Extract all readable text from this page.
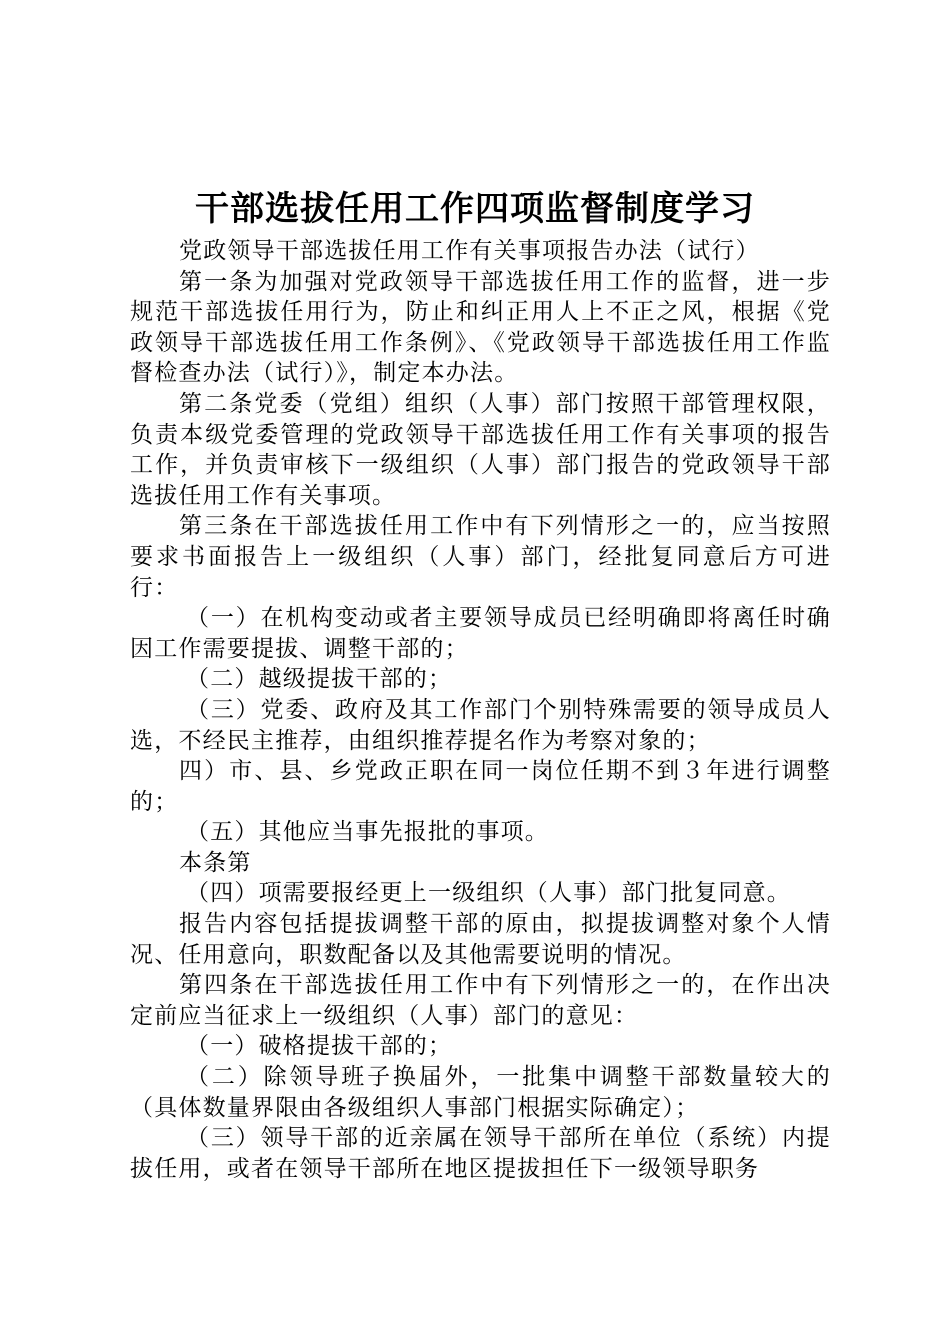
干部选拔任用工作四项监督制度学习

党政领导干部选拔任用工作有关事项报告办法（试行）

第一条为加强对党政领导干部选拔任用工作的监督，进一步规范干部选拔任用行为，防止和纠正用人上不正之风，根据《党政领导干部选拔任用工作条例》、《党政领导干部选拔任用工作监督检查办法（试行）》，制定本办法。

第二条党委（党组）组织（人事）部门按照干部管理权限，负责本级党委管理的党政领导干部选拔任用工作有关事项的报告工作，并负责审核下一级组织（人事）部门报告的党政领导干部选拔任用工作有关事项。

第三条在干部选拔任用工作中有下列情形之一的，应当按照要求书面报告上一级组织（人事）部门，经批复同意后方可进行：

（一）在机构变动或者主要领导成员已经明确即将离任时确因工作需要提拔、调整干部的；

（二）越级提拔干部的；

（三）党委、政府及其工作部门个别特殊需要的领导成员人选，不经民主推荐，由组织推荐提名作为考察对象的；

四）市、县、乡党政正职在同一岗位任期不到３年进行调整的；

（五）其他应当事先报批的事项。

本条第

（四）项需要报经更上一级组织（人事）部门批复同意。

报告内容包括提拔调整干部的原由，拟提拔调整对象个人情况、任用意向，职数配备以及其他需要说明的情况。

第四条在干部选拔任用工作中有下列情形之一的，在作出决定前应当征求上一级组织（人事）部门的意见：

（一）破格提拔干部的；

（二）除领导班子换届外，一批集中调整干部数量较大的（具体数量界限由各级组织人事部门根据实际确定）；

（三）领导干部的近亲属在领导干部所在单位（系统）内提拔任用，或者在领导干部所在地区提拔担任下一级领导职务
